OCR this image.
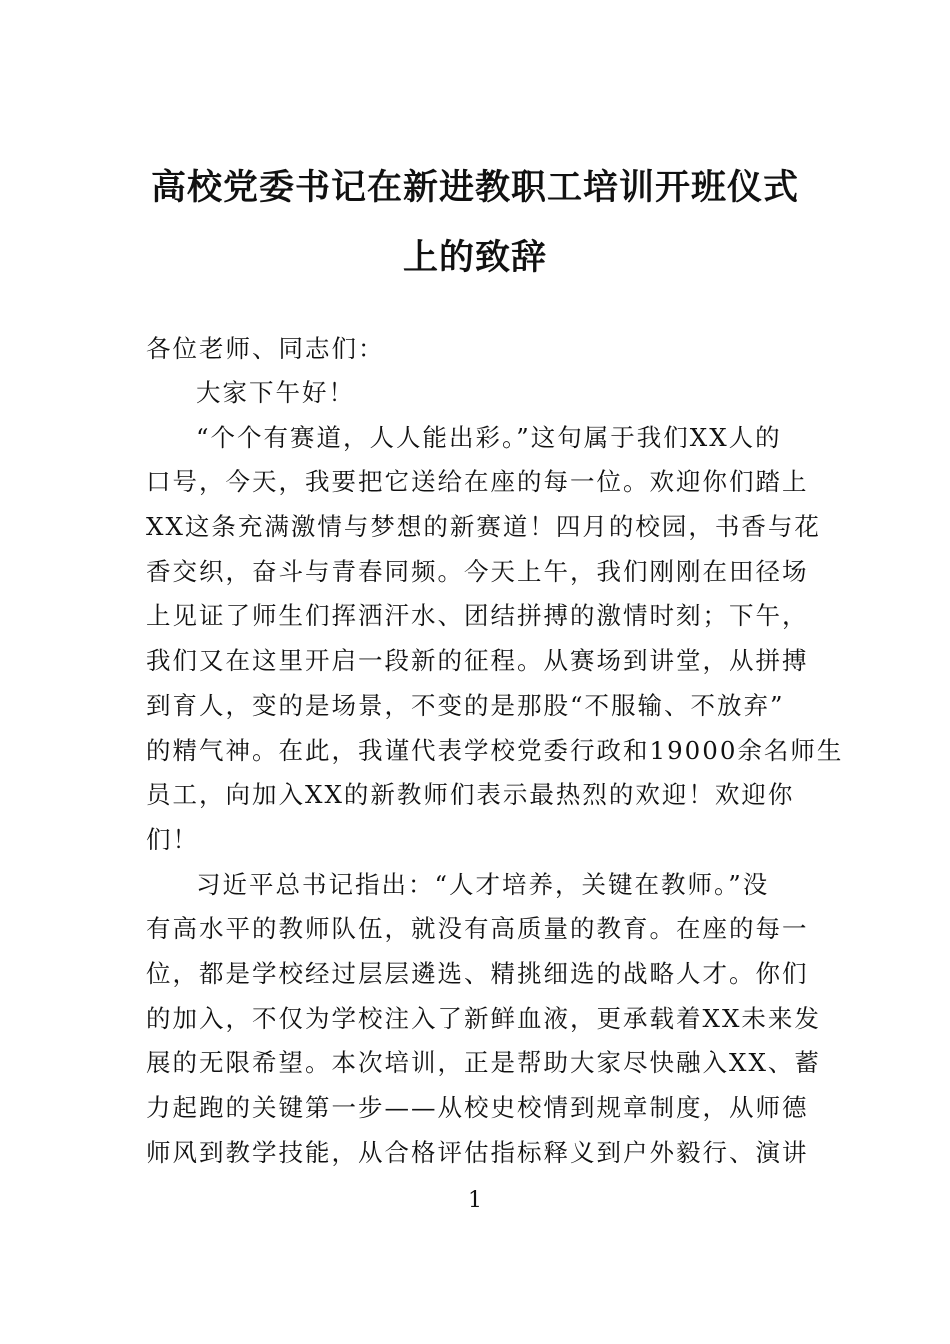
高校党委书记在新进教职工培训开班仪式
上的致辞
各位老师、同志们：
大家下午好！
“个个有赛道，人人能出彩。”这句属于我们XX人的
口号，今天，我要把它送给在座的每一位。欢迎你们踏上
XX这条充满激情与梦想的新赛道！四月的校园，书香与花
香交织，奋斗与青春同频。今天上午，我们刚刚在田径场
上见证了师生们挥洒汗水、团结拼搏的激情时刻；下午，
我们又在这里开启一段新的征程。从赛场到讲堂，从拼搏
到育人，变的是场景，不变的是那股“不服输、不放弃”
的精气神。在此，我谨代表学校党委行政和19000余名师生
员工，向加入XX的新教师们表示最热烈的欢迎！欢迎你
们！
习近平总书记指出：“人才培养，关键在教师。”没
有高水平的教师队伍，就没有高质量的教育。在座的每一
位，都是学校经过层层遴选、精挑细选的战略人才。你们
的加入，不仅为学校注入了新鲜血液，更承载着XX未来发
展的无限希望。本次培训，正是帮助大家尽快融入XX、蓄
力起跑的关键第一步——从校史校情到规章制度，从师德
师风到教学技能，从合格评估指标释义到户外毅行、演讲
1
